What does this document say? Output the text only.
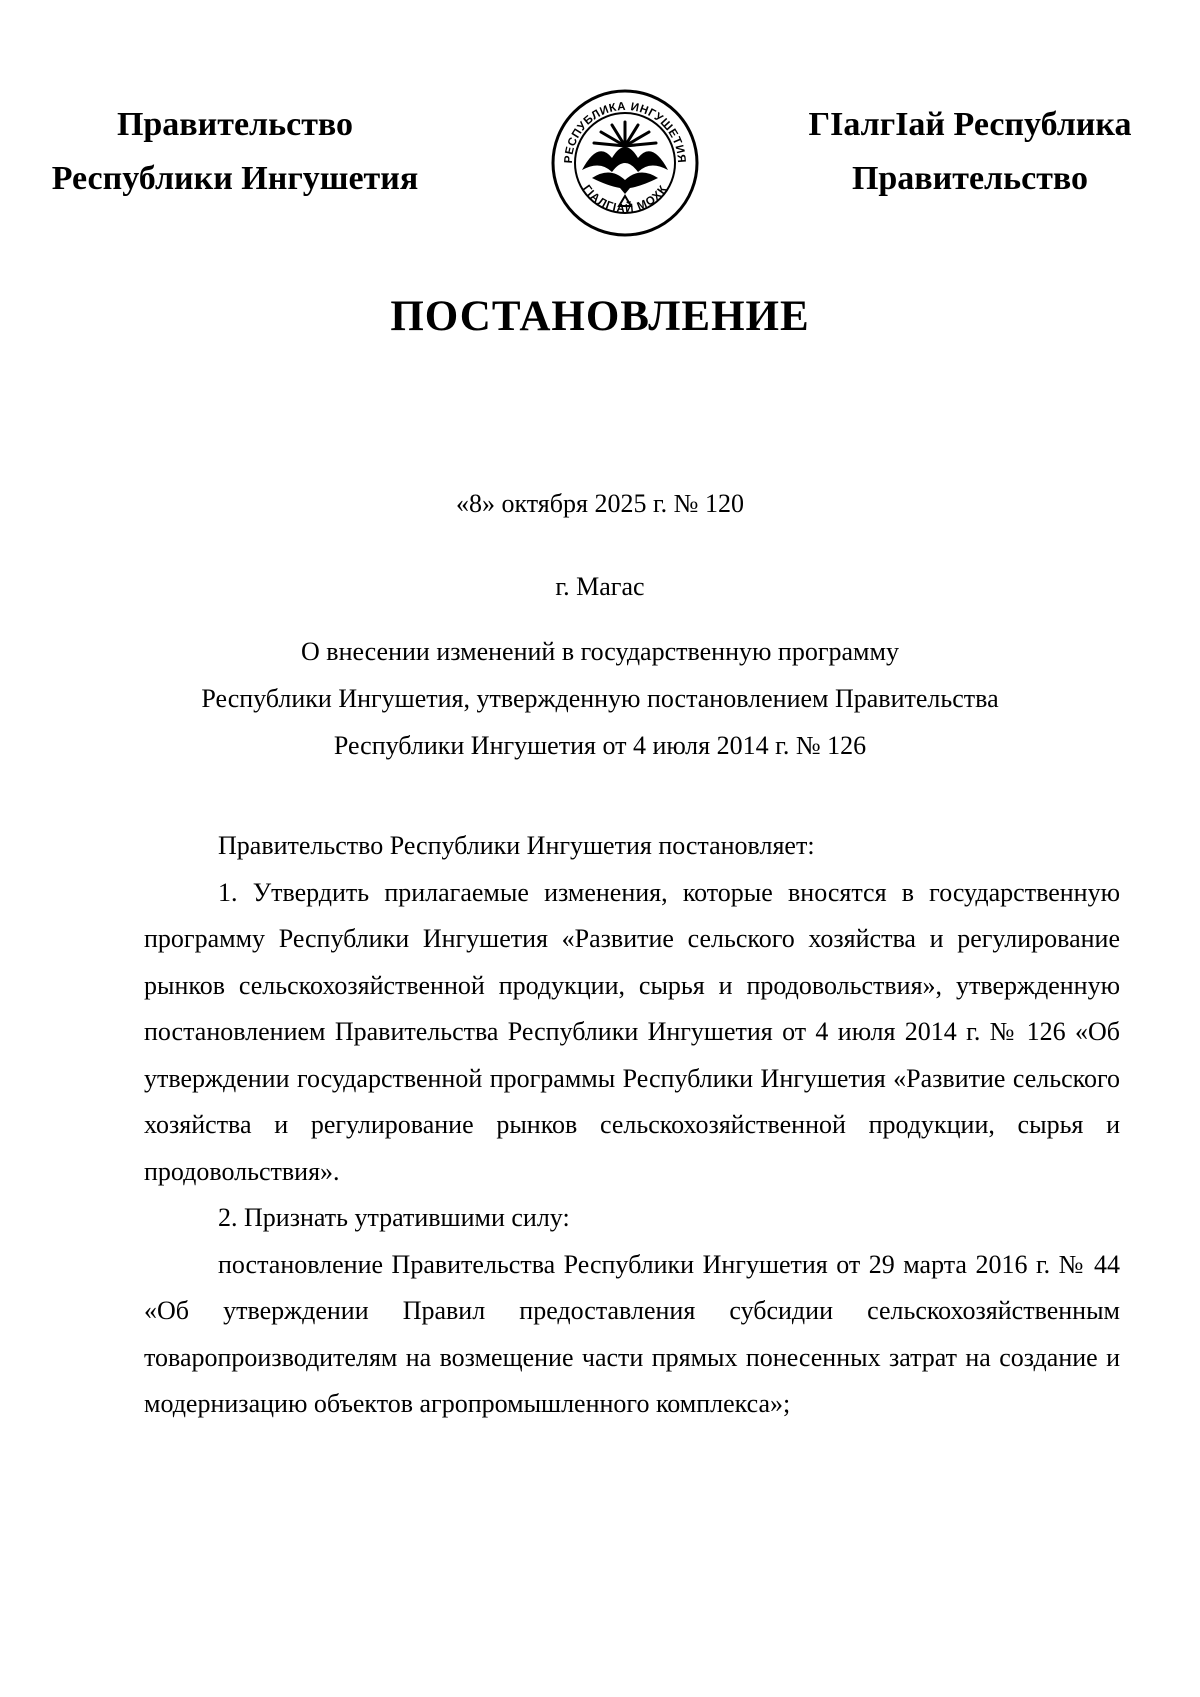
Правительство
Республики Ингушетия
РЕСПУБЛИКА ИНГУШЕТИЯ
ГIАЛГIАЙ МОХК
ГIалгIай Республика
Правительство
ПОСТАНОВЛЕНИЕ
«8» октября 2025 г. № 120
г. Магас
О внесении изменений в государственную программу
Республики Ингушетия, утвержденную постановлением Правительства
Республики Ингушетия от 4 июля 2014 г. № 126

Правительство Республики Ингушетия постановляет:

1. Утвердить прилагаемые изменения, которые вносятся в государственную программу Республики Ингушетия «Развитие сельского хозяйства и регулирование рынков сельскохозяйственной продукции, сырья и продовольствия», утвержденную постановлением Правительства Республики Ингушетия от 4 июля 2014 г. № 126 «Об утверждении государственной программы Республики Ингушетия «Развитие сельского хозяйства и регулирование рынков сельскохозяйственной продукции, сырья и продовольствия».

2. Признать утратившими силу:

постановление Правительства Республики Ингушетия от 29 марта 2016 г. № 44 «Об утверждении Правил предоставления субсидии сельскохозяйственным товаропроизводителям на возмещение части прямых понесенных затрат на создание и модернизацию объектов агропромышленного комплекса»;
